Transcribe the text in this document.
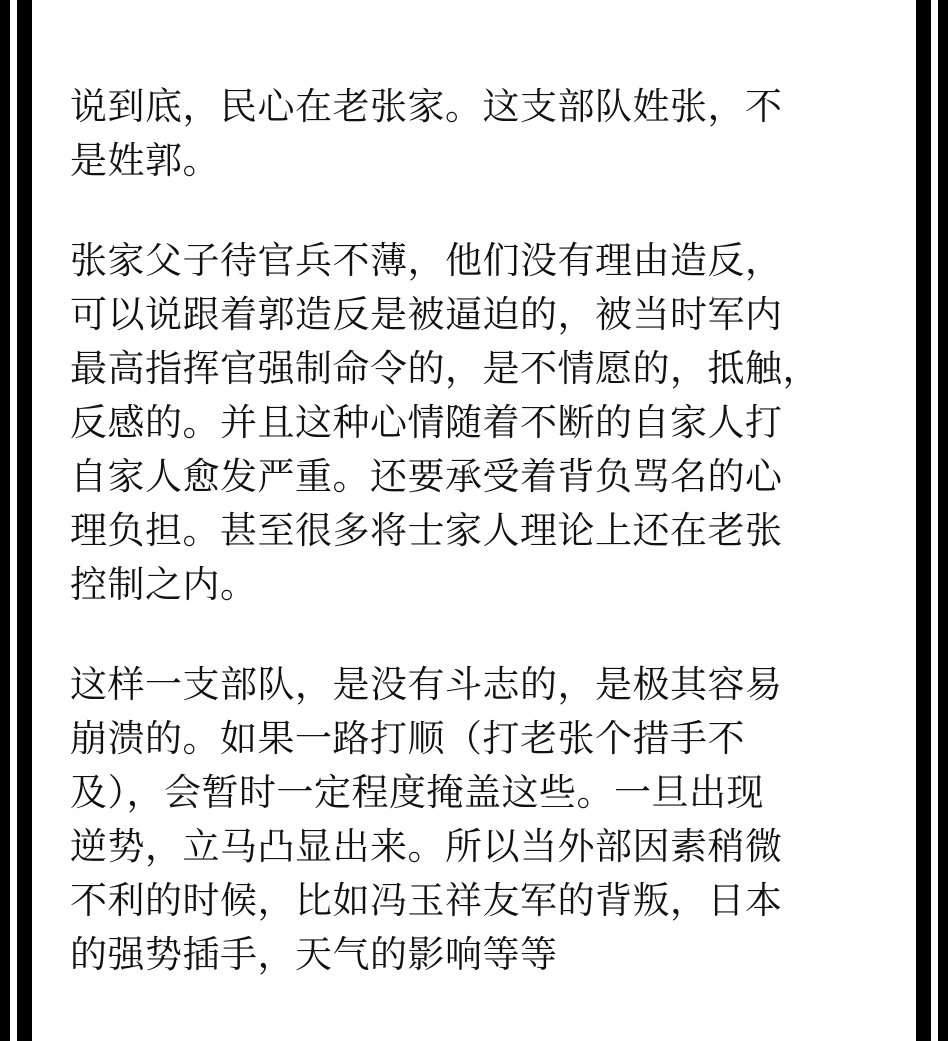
说到底，民心在老张家。这支部队姓张，不
是姓郭。

张家父子待官兵不薄，他们没有理由造反，
可以说跟着郭造反是被逼迫的，被当时军内
最高指挥官强制命令的，是不情愿的，抵触，
反感的。并且这种心情随着不断的自家人打
自家人愈发严重。还要承受着背负骂名的心
理负担。甚至很多将士家人理论上还在老张
控制之内。

这样一支部队，是没有斗志的，是极其容易
崩溃的。如果一路打顺（打老张个措手不
及），会暂时一定程度掩盖这些。一旦出现
逆势，立马凸显出来。所以当外部因素稍微
不利的时候，比如冯玉祥友军的背叛，日本
的强势插手，天气的影响等等
